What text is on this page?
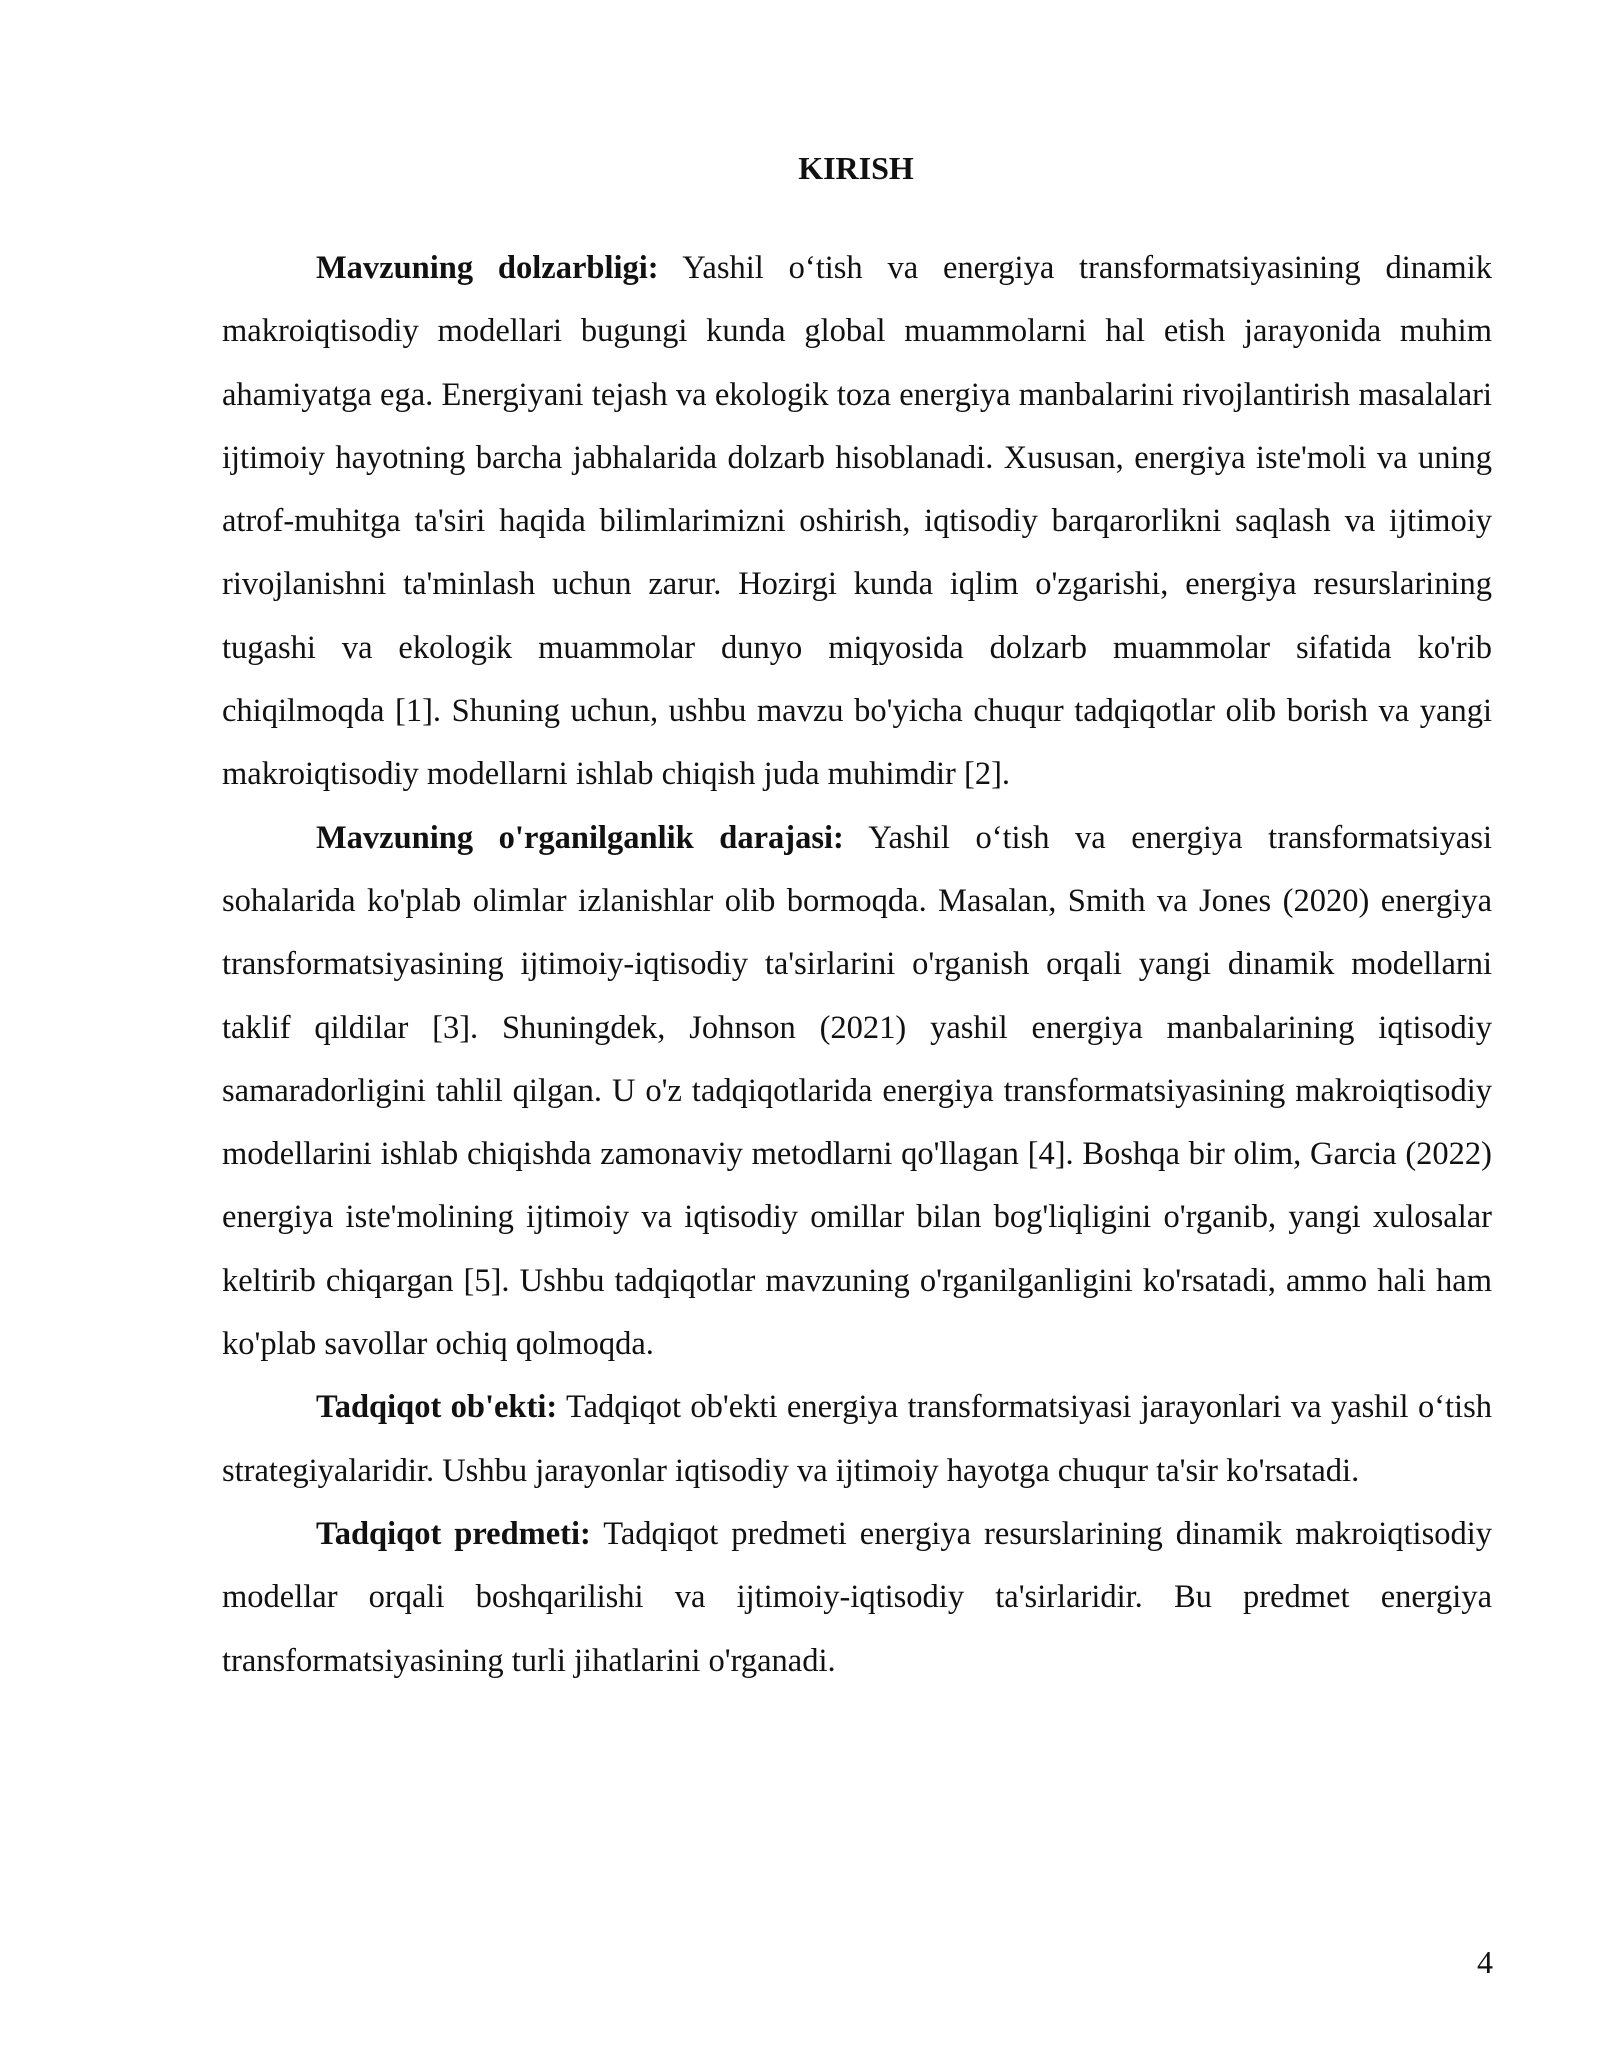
KIRISH

Mavzuning dolzarbligi: Yashil o‘tish va energiya transformatsiyasining dinamik makroiqtisodiy modellari bugungi kunda global muammolarni hal etish jarayonida muhim ahamiyatga ega. Energiyani tejash va ekologik toza energiya manbalarini rivojlantirish masalalari ijtimoiy hayotning barcha jabhalarida dolzarb hisoblanadi. Xususan, energiya iste'moli va uning atrof-muhitga ta'siri haqida bilimlarimizni oshirish, iqtisodiy barqarorlikni saqlash va ijtimoiy rivojlanishni ta'minlash uchun zarur. Hozirgi kunda iqlim o'zgarishi, energiya resurslarining tugashi va ekologik muammolar dunyo miqyosida dolzarb muammolar sifatida ko'rib chiqilmoqda [1]. Shuning uchun, ushbu mavzu bo'yicha chuqur tadqiqotlar olib borish va yangi makroiqtisodiy modellarni ishlab chiqish juda muhimdir [2].

Mavzuning o'rganilganlik darajasi: Yashil o‘tish va energiya transformatsiyasi sohalarida ko'plab olimlar izlanishlar olib bormoqda. Masalan, Smith va Jones (2020) energiya transformatsiyasining ijtimoiy-iqtisodiy ta'sirlarini o'rganish orqali yangi dinamik modellarni taklif qildilar [3]. Shuningdek, Johnson (2021) yashil energiya manbalarining iqtisodiy samaradorligini tahlil qilgan. U o'z tadqiqotlarida energiya transformatsiyasining makroiqtisodiy modellarini ishlab chiqishda zamonaviy metodlarni qo'llagan [4]. Boshqa bir olim, Garcia (2022) energiya iste'molining ijtimoiy va iqtisodiy omillar bilan bog'liqligini o'rganib, yangi xulosalar keltirib chiqargan [5]. Ushbu tadqiqotlar mavzuning o'rganilganligini ko'rsatadi, ammo hali ham ko'plab savollar ochiq qolmoqda.

Tadqiqot ob'ekti: Tadqiqot ob'ekti energiya transformatsiyasi jarayonlari va yashil o‘tish strategiyalaridir. Ushbu jarayonlar iqtisodiy va ijtimoiy hayotga chuqur ta'sir ko'rsatadi.

Tadqiqot predmeti: Tadqiqot predmeti energiya resurslarining dinamik makroiqtisodiy modellar orqali boshqarilishi va ijtimoiy-iqtisodiy ta'sirlaridir. Bu predmet energiya transformatsiyasining turli jihatlarini o'rganadi.

4
